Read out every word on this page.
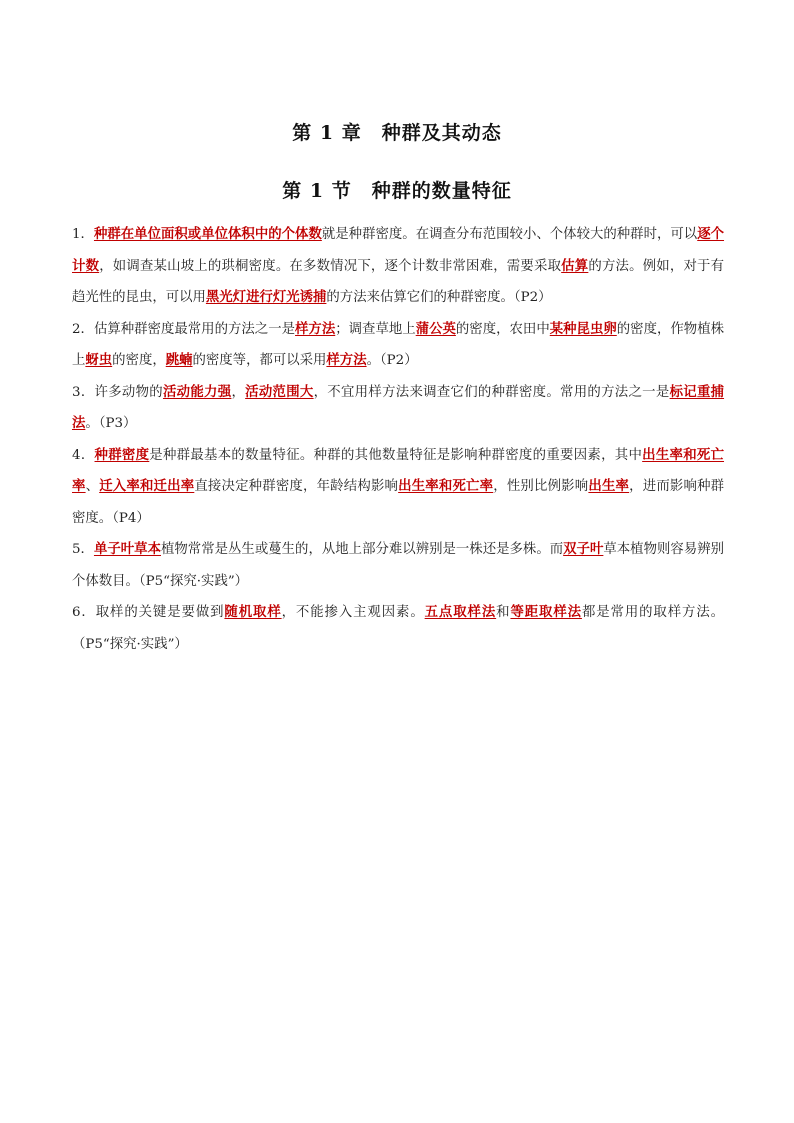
第 1 章　种群及其动态
第 1 节　种群的数量特征

1．种群在单位面积或单位体积中的个体数就是种群密度。在调查分布范围较小、个体较大的种群时，可以逐个计数，如调查某山坡上的珙桐密度。在多数情况下，逐个计数非常困难，需要采取估算的方法。例如，对于有趋光性的昆虫，可以用黑光灯进行灯光诱捕的方法来估算它们的种群密度。（P2）

2．估算种群密度最常用的方法之一是样方法；调查草地上蒲公英的密度，农田中某种昆虫卵的密度，作物植株上蚜虫的密度，跳蝻的密度等，都可以采用样方法。（P2）

3．许多动物的活动能力强，活动范围大，不宜用样方法来调查它们的种群密度。常用的方法之一是标记重捕法。（P3）

4．种群密度是种群最基本的数量特征。种群的其他数量特征是影响种群密度的重要因素，其中出生率和死亡率、迁入率和迁出率直接决定种群密度，年龄结构影响出生率和死亡率，性别比例影响出生率，进而影响种群密度。（P4）

5．单子叶草本植物常常是丛生或蔓生的，从地上部分难以辨别是一株还是多株。而双子叶草本植物则容易辨别个体数目。（P5“探究·实践”）

6．取样的关键是要做到随机取样，不能掺入主观因素。五点取样法和等距取样法都是常用的取样方法。（P5“探究·实践”）
